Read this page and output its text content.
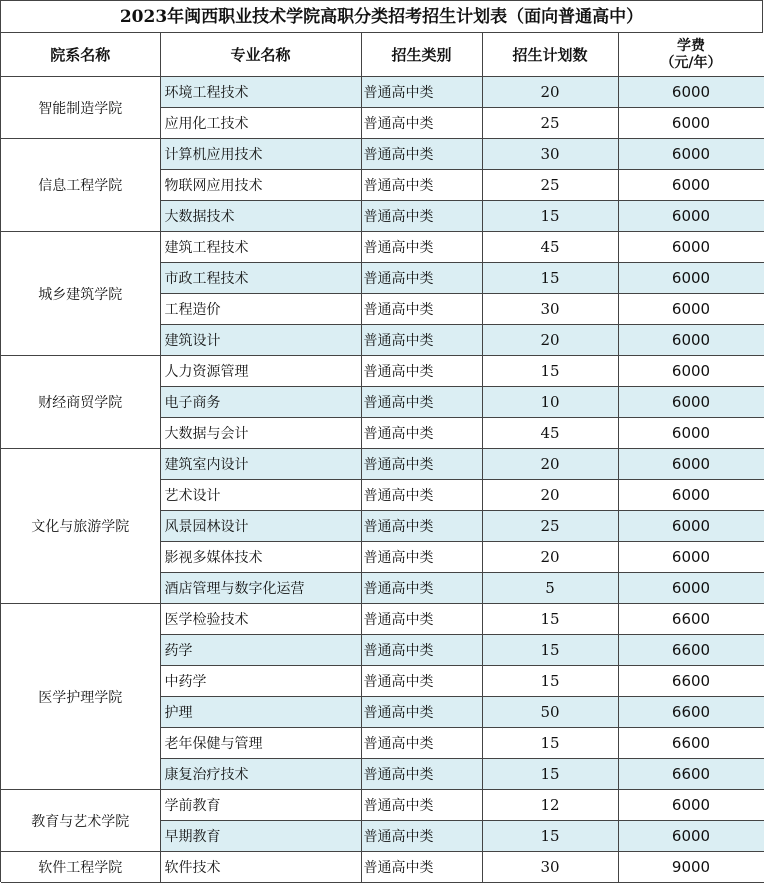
2023年闽西职业技术学院高职分类招考招生计划表（面向普通高中）
院系名称	专业名称	招生类别	招生计划数	学费
（元/年）

智能制造学院	环境工程技术	普通高中类	20	6000
	应用化工技术	普通高中类	25	6000
信息工程学院	计算机应用技术	普通高中类	30	6000
	物联网应用技术	普通高中类	25	6000
	大数据技术	普通高中类	15	6000
城乡建筑学院	建筑工程技术	普通高中类	45	6000
	市政工程技术	普通高中类	15	6000
	工程造价	普通高中类	30	6000
	建筑设计	普通高中类	20	6000
财经商贸学院	人力资源管理	普通高中类	15	6000
	电子商务	普通高中类	10	6000
	大数据与会计	普通高中类	45	6000
文化与旅游学院	建筑室内设计	普通高中类	20	6000
	艺术设计	普通高中类	20	6000
	风景园林设计	普通高中类	25	6000
	影视多媒体技术	普通高中类	20	6000
	酒店管理与数字化运营	普通高中类	5	6000
医学护理学院	医学检验技术	普通高中类	15	6600
	药学	普通高中类	15	6600
	中药学	普通高中类	15	6600
	护理	普通高中类	50	6600
	老年保健与管理	普通高中类	15	6600
	康复治疗技术	普通高中类	15	6600
教育与艺术学院	学前教育	普通高中类	12	6000
	早期教育	普通高中类	15	6000
软件工程学院	软件技术	普通高中类	30	9000
